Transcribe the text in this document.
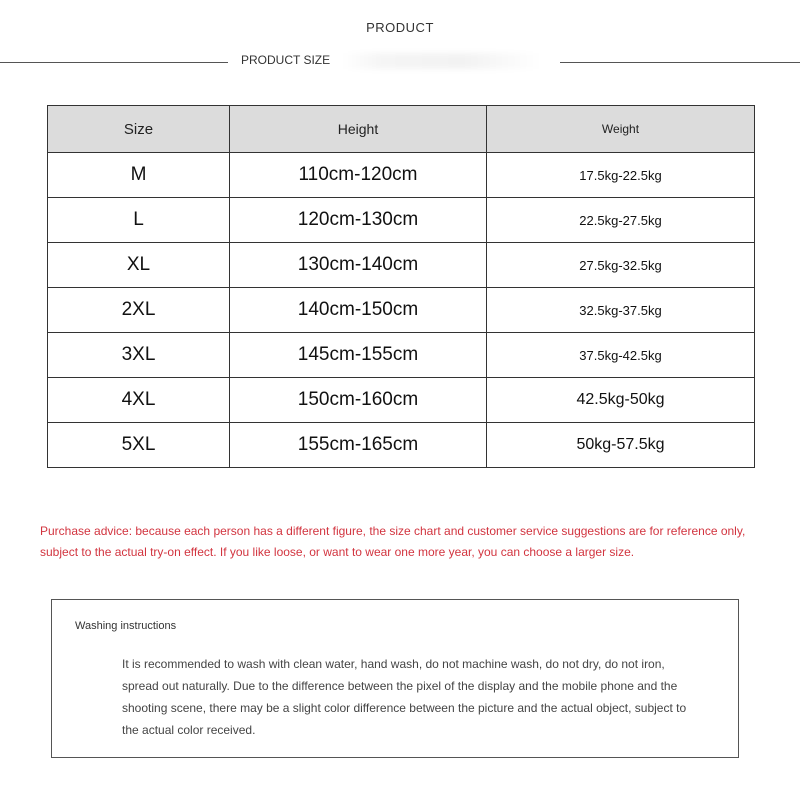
PRODUCT
PRODUCT SIZE
Size	Height	Weight
M	110cm-120cm	17.5kg-22.5kg
L	120cm-130cm	22.5kg-27.5kg
XL	130cm-140cm	27.5kg-32.5kg
2XL	140cm-150cm	32.5kg-37.5kg
3XL	145cm-155cm	37.5kg-42.5kg
4XL	150cm-160cm	42.5kg-50kg
5XL	155cm-165cm	50kg-57.5kg
Purchase advice: because each person has a different figure, the size chart and customer service suggestions are for reference only, subject to the actual try-on effect. If you like loose, or want to wear one more year, you can choose a larger size.
Washing instructions
It is recommended to wash with clean water, hand wash, do not machine wash, do not dry, do not iron, spread out naturally. Due to the difference between the pixel of the display and the mobile phone and the shooting scene, there may be a slight color difference between the picture and the actual object, subject to the actual color received.
